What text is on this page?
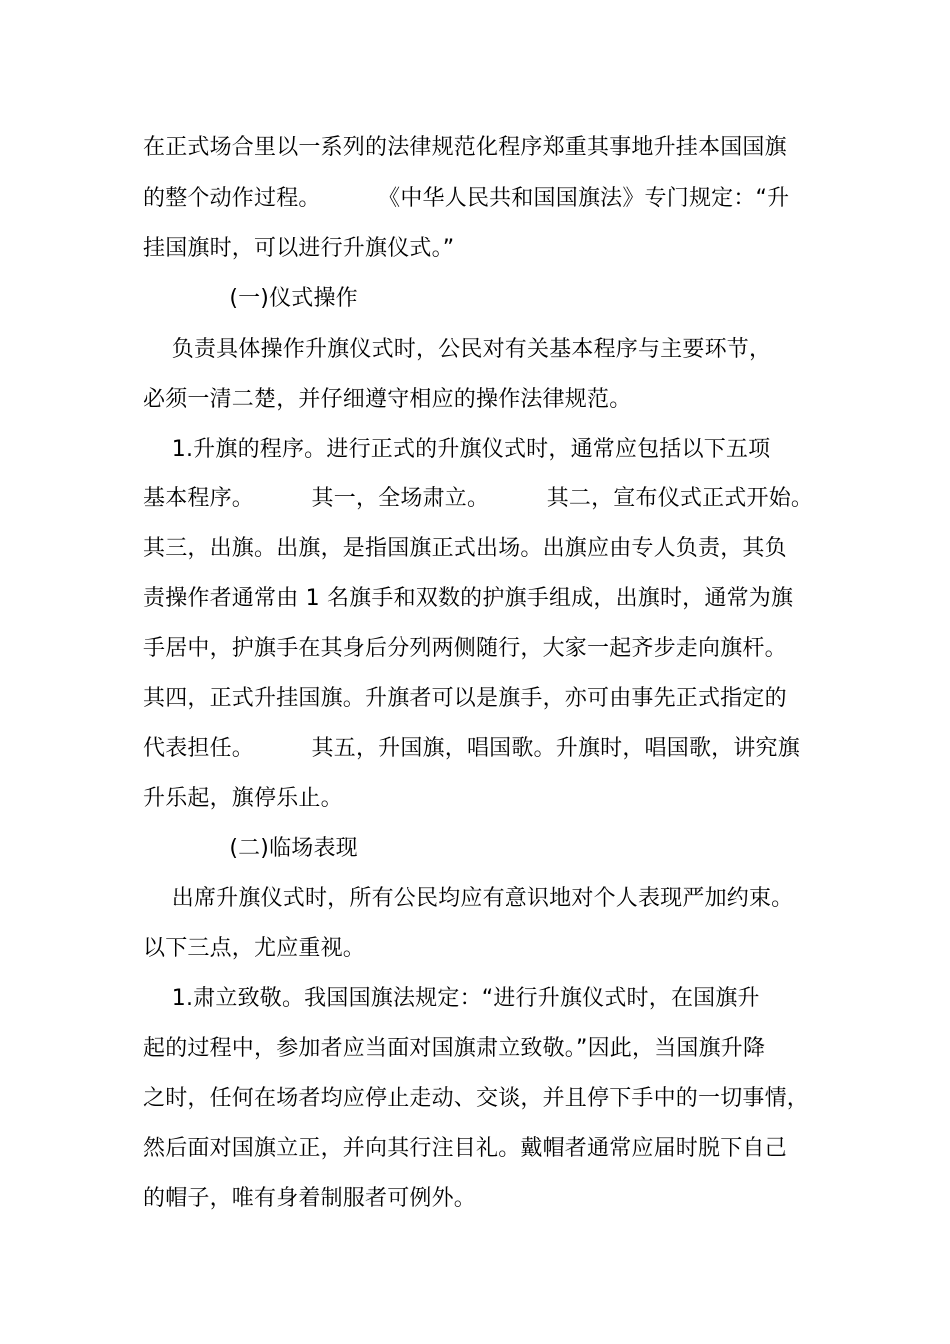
在正式场合里以一系列的法律规范化程序郑重其事地升挂本国国旗
的整个动作过程。        《中华人民共和国国旗法》专门规定：“升
挂国旗时，可以进行升旗仪式。”
(一)仪式操作
负责具体操作升旗仪式时，公民对有关基本程序与主要环节，
必须一清二楚，并仔细遵守相应的操作法律规范。
1.升旗的程序。进行正式的升旗仪式时，通常应包括以下五项
基本程序。        其一，全场肃立。        其二，宣布仪式正式开始。
其三，出旗。出旗，是指国旗正式出场。出旗应由专人负责，其负
责操作者通常由 1 名旗手和双数的护旗手组成，出旗时，通常为旗
手居中，护旗手在其身后分列两侧随行，大家一起齐步走向旗杆。
其四，正式升挂国旗。升旗者可以是旗手，亦可由事先正式指定的
代表担任。        其五，升国旗，唱国歌。升旗时，唱国歌，讲究旗
升乐起，旗停乐止。
(二)临场表现
出席升旗仪式时，所有公民均应有意识地对个人表现严加约束。
以下三点，尤应重视。
1.肃立致敬。我国国旗法规定：“进行升旗仪式时，在国旗升
起的过程中，参加者应当面对国旗肃立致敬。”因此，当国旗升降
之时，任何在场者均应停止走动、交谈，并且停下手中的一切事情，
然后面对国旗立正，并向其行注目礼。戴帽者通常应届时脱下自己
的帽子，唯有身着制服者可例外。
